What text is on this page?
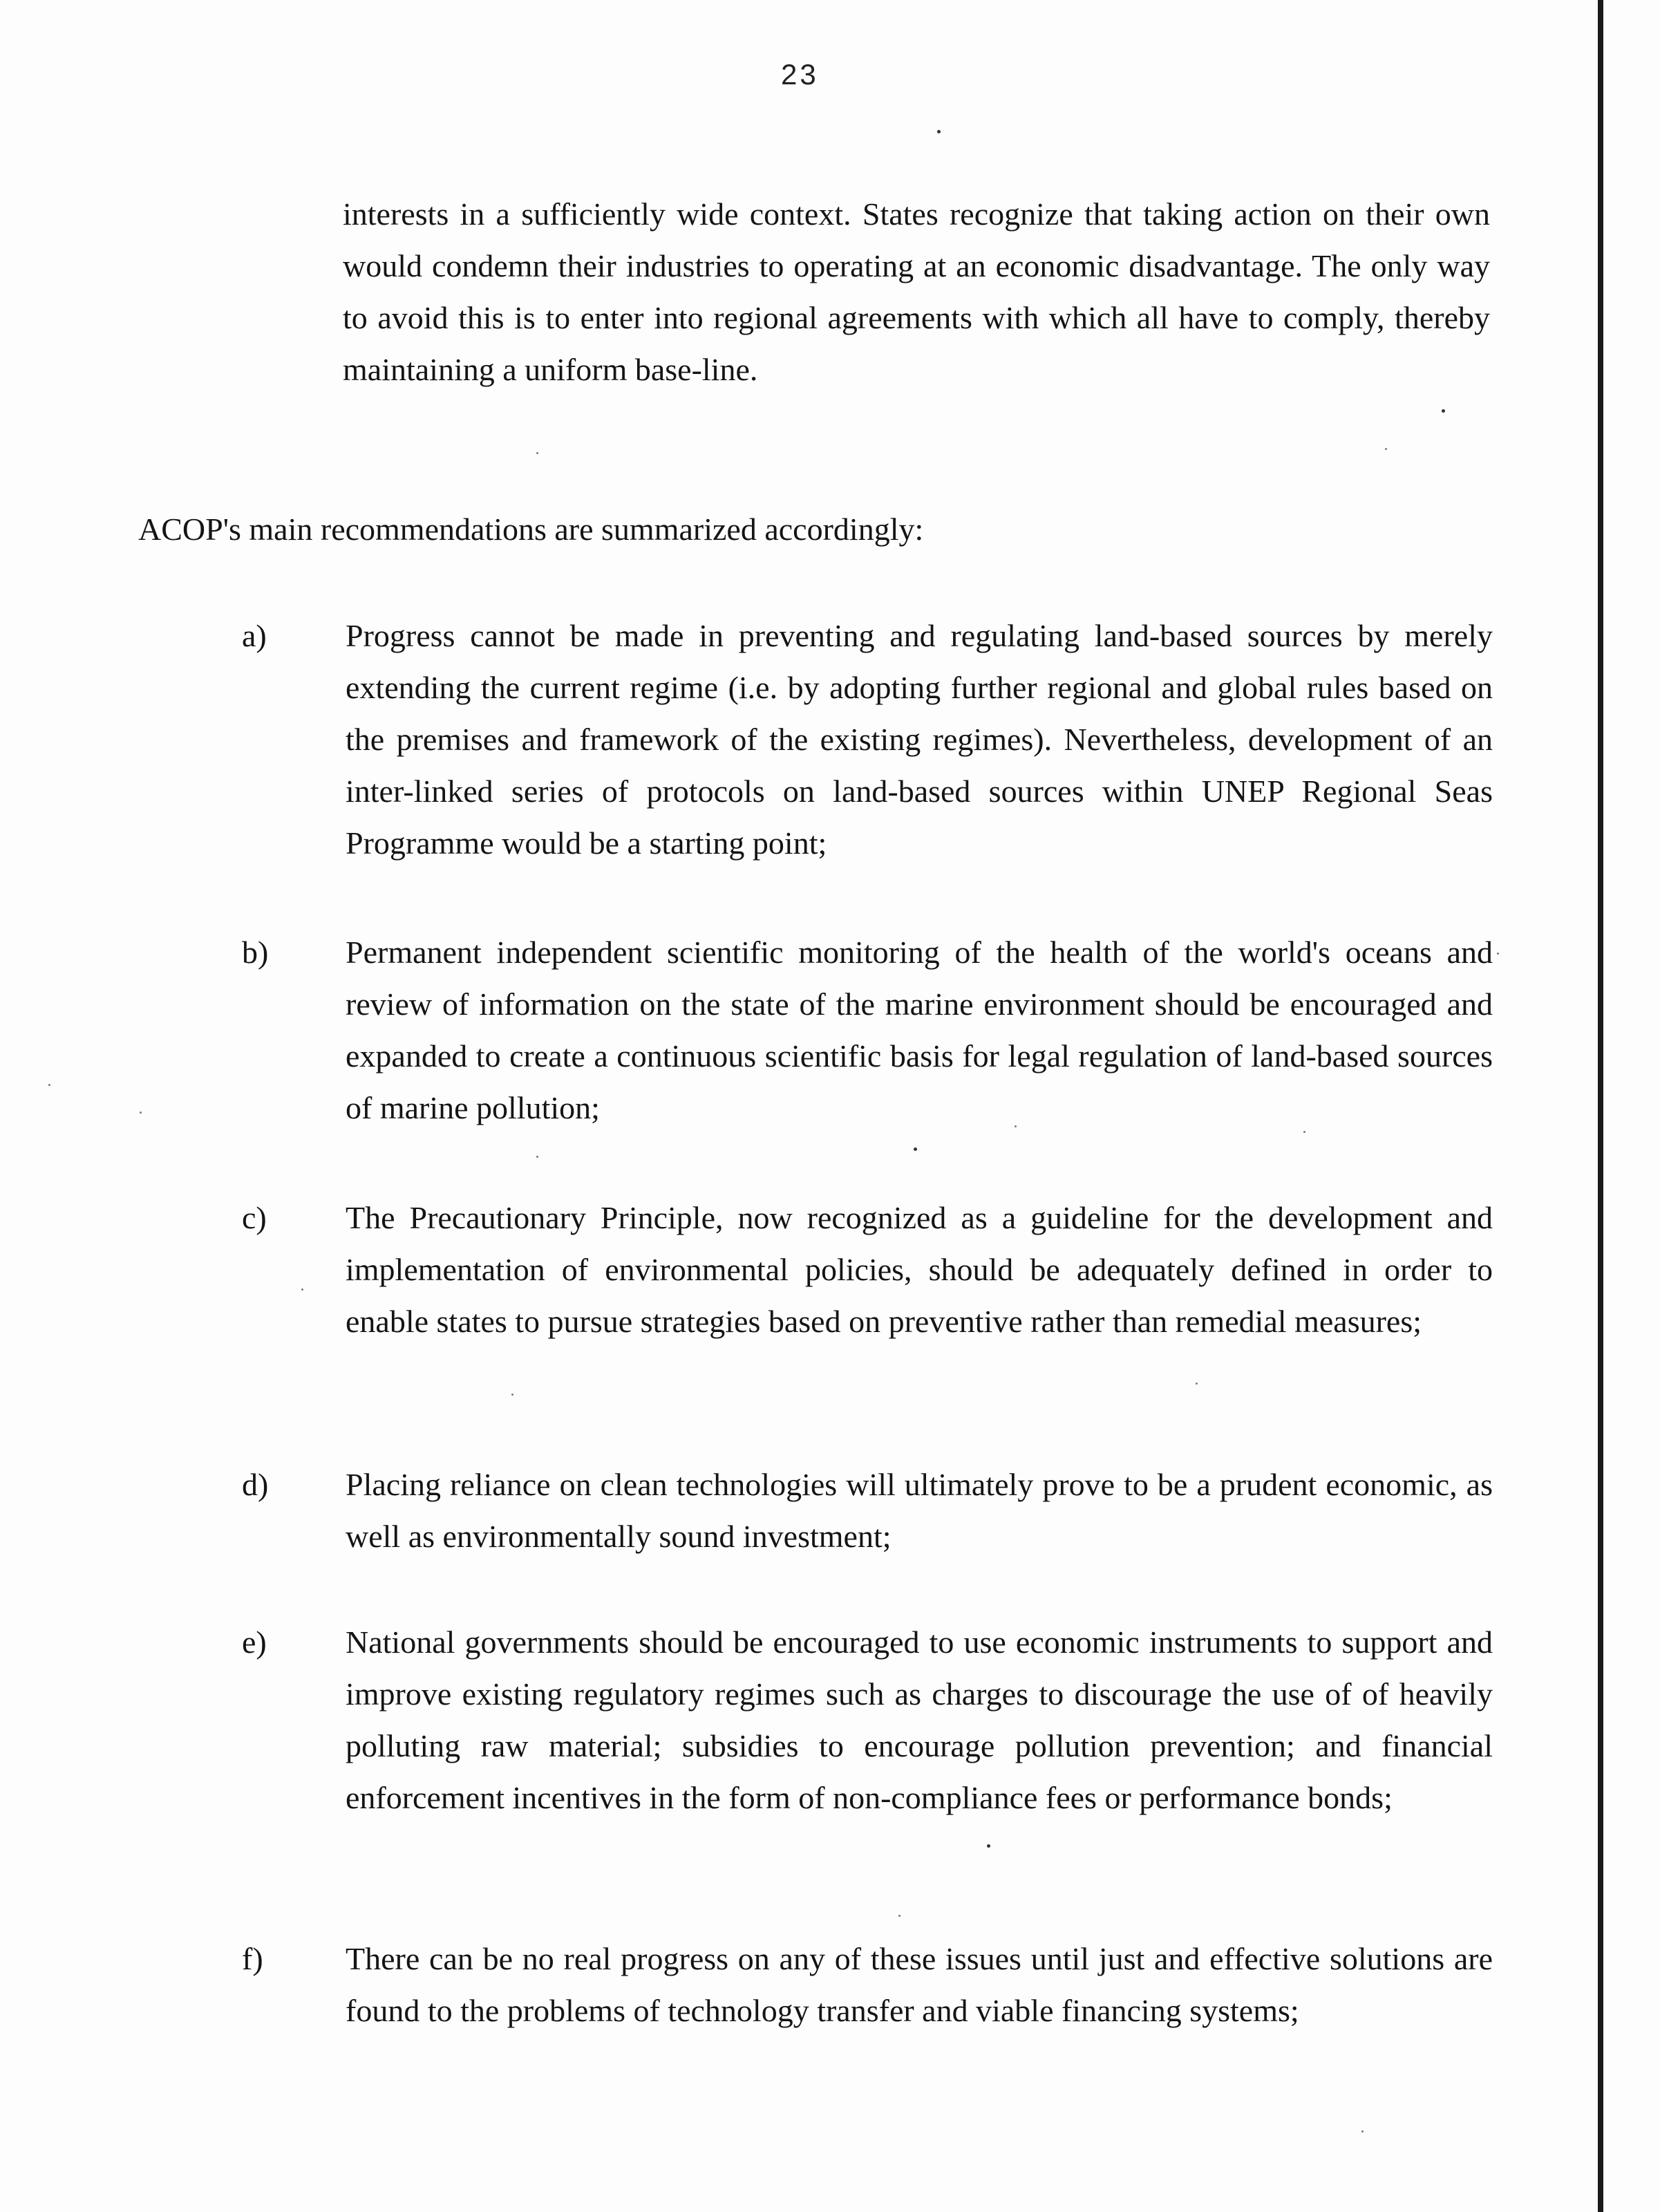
23

interests in a sufficiently wide context. States recognize that taking action on their own would condemn their industries to operating at an economic disadvantage. The only way to avoid this is to enter into regional agreements with which all have to comply, thereby maintaining a uniform base-line.

ACOP's main recommendations are summarized accordingly:

a) Progress cannot be made in preventing and regulating land-based sources by merely extending the current regime (i.e. by adopting further regional and global rules based on the premises and framework of the existing regimes). Nevertheless, development of an inter-linked series of protocols on land-based sources within UNEP Regional Seas Programme would be a starting point;

b) Permanent independent scientific monitoring of the health of the world's oceans and review of information on the state of the marine environment should be encouraged and expanded to create a continuous scientific basis for legal regulation of land-based sources of marine pollution;

c) The Precautionary Principle, now recognized as a guideline for the development and implementation of environmental policies, should be adequately defined in order to enable states to pursue strategies based on preventive rather than remedial measures;

d) Placing reliance on clean technologies will ultimately prove to be a prudent economic, as well as environmentally sound investment;

e) National governments should be encouraged to use economic instruments to support and improve existing regulatory regimes such as charges to discourage the use of of heavily polluting raw material; subsidies to encourage pollution prevention; and financial enforcement incentives in the form of non-compliance fees or performance bonds;

f)	There can be no real progress on any of these issues until just and effective solutions are found to the problems of technology transfer and viable financing systems;
